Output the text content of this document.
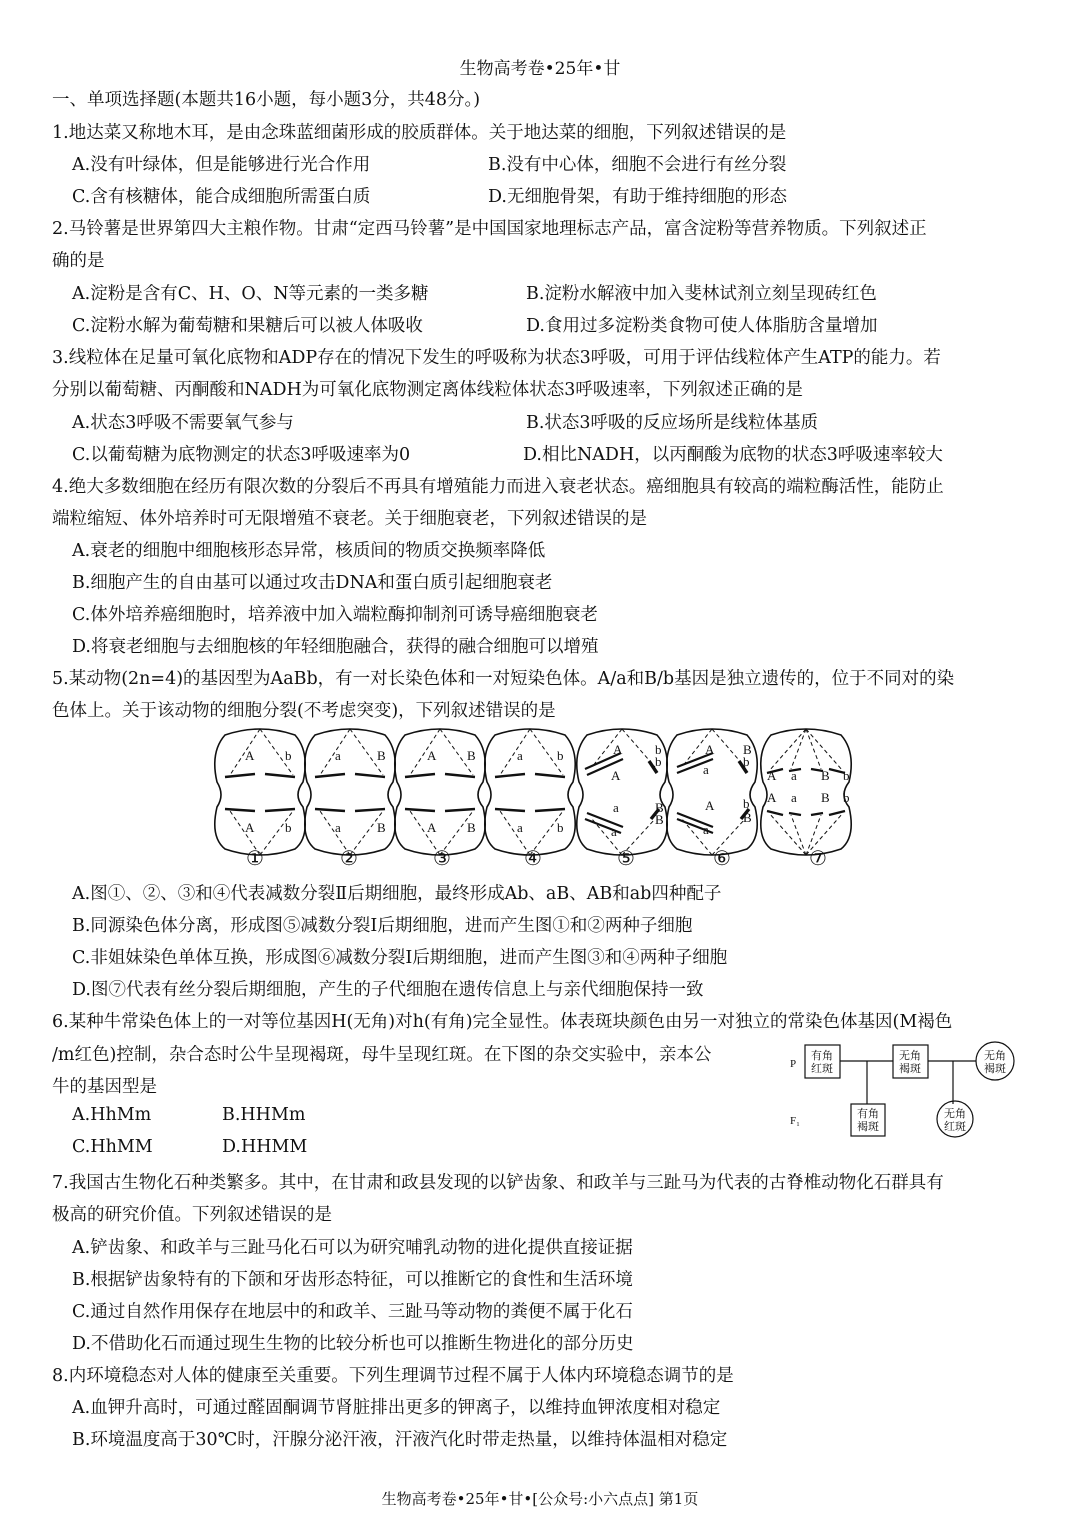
生物高考卷•25年•甘
一、单项选择题(本题共16小题，每小题3分，共48分。)
1.地达菜又称地木耳，是由念珠蓝细菌形成的胶质群体。关于地达菜的细胞，下列叙述错误的是
A.没有叶绿体，但是能够进行光合作用	B.没有中心体，细胞不会进行有丝分裂
C.含有核糖体，能合成细胞所需蛋白质	D.无细胞骨架，有助于维持细胞的形态
2.马铃薯是世界第四大主粮作物。甘肃“定西马铃薯”是中国国家地理标志产品，富含淀粉等营养物质。下列叙述正
确的是
A.淀粉是含有C、H、O、N等元素的一类多糖	B.淀粉水解液中加入斐林试剂立刻呈现砖红色
C.淀粉水解为葡萄糖和果糖后可以被人体吸收	D.食用过多淀粉类食物可使人体脂肪含量增加
3.线粒体在足量可氧化底物和ADP存在的情况下发生的呼吸称为状态3呼吸，可用于评估线粒体产生ATP的能力。若
分别以葡萄糖、丙酮酸和NADH为可氧化底物测定离体线粒体状态3呼吸速率，下列叙述正确的是
A.状态3呼吸不需要氧气参与	B.状态3呼吸的反应场所是线粒体基质
C.以葡萄糖为底物测定的状态3呼吸速率为0	D.相比NADH，以丙酮酸为底物的状态3呼吸速率较大
4.绝大多数细胞在经历有限次数的分裂后不再具有增殖能力而进入衰老状态。癌细胞具有较高的端粒酶活性，能防止
端粒缩短、体外培养时可无限增殖不衰老。关于细胞衰老，下列叙述错误的是
A.衰老的细胞中细胞核形态异常，核质间的物质交换频率降低
B.细胞产生的自由基可以通过攻击DNA和蛋白质引起细胞衰老
C.体外培养癌细胞时，培养液中加入端粒酶抑制剂可诱导癌细胞衰老
D.将衰老细胞与去细胞核的年轻细胞融合，获得的融合细胞可以增殖
5.某动物(2n=4)的基因型为AaBb，有一对长染色体和一对短染色体。A/a和B/b基因是独立遗传的，位于不同对的染
色体上。关于该动物的细胞分裂(不考虑突变)，下列叙述错误的是
A b
A b
a	B
a	B
A B
A B
a	b
a	b
A	b
A
b
a	B
a
B
A B
a
b
A b
a
B
A a B b
A a B b
①	②	③	④	⑤	⑥	⑦
A.图①、②、③和④代表减数分裂Ⅱ后期细胞，最终形成Ab、aB、AB和ab四种配子
B.同源染色体分离，形成图⑤减数分裂Ⅰ后期细胞，进而产生图①和②两种子细胞
C.非姐妹染色单体互换，形成图⑥减数分裂Ⅰ后期细胞，进而产生图③和④两种子细胞
D.图⑦代表有丝分裂后期细胞，产生的子代细胞在遗传信息上与亲代细胞保持一致
6.某种牛常染色体上的一对等位基因H(无角)对h(有角)完全显性。体表斑块颜色由另一对独立的常染色体基因(M褐色
/m红色)控制，杂合态时公牛呈现褐斑，母牛呈现红斑。在下图的杂交实验中，亲本公
牛的基因型是
A.HhMm	B.HHMm
C.HhMM	D.HHMM
P
F₁
有角
红斑
无角
褐斑
无角
褐斑
有角
褐斑
无角
红斑
7.我国古生物化石种类繁多。其中，在甘肃和政县发现的以铲齿象、和政羊与三趾马为代表的古脊椎动物化石群具有
极高的研究价值。下列叙述错误的是
A.铲齿象、和政羊与三趾马化石可以为研究哺乳动物的进化提供直接证据
B.根据铲齿象特有的下颌和牙齿形态特征，可以推断它的食性和生活环境
C.通过自然作用保存在地层中的和政羊、三趾马等动物的粪便不属于化石
D.不借助化石而通过现生生物的比较分析也可以推断生物进化的部分历史
8.内环境稳态对人体的健康至关重要。下列生理调节过程不属于人体内环境稳态调节的是
A.血钾升高时，可通过醛固酮调节肾脏排出更多的钾离子，以维持血钾浓度相对稳定
B.环境温度高于30℃时，汗腺分泌汗液，汗液汽化时带走热量，以维持体温相对稳定
生物高考卷•25年•甘•[公众号:小六点点] 第1页
